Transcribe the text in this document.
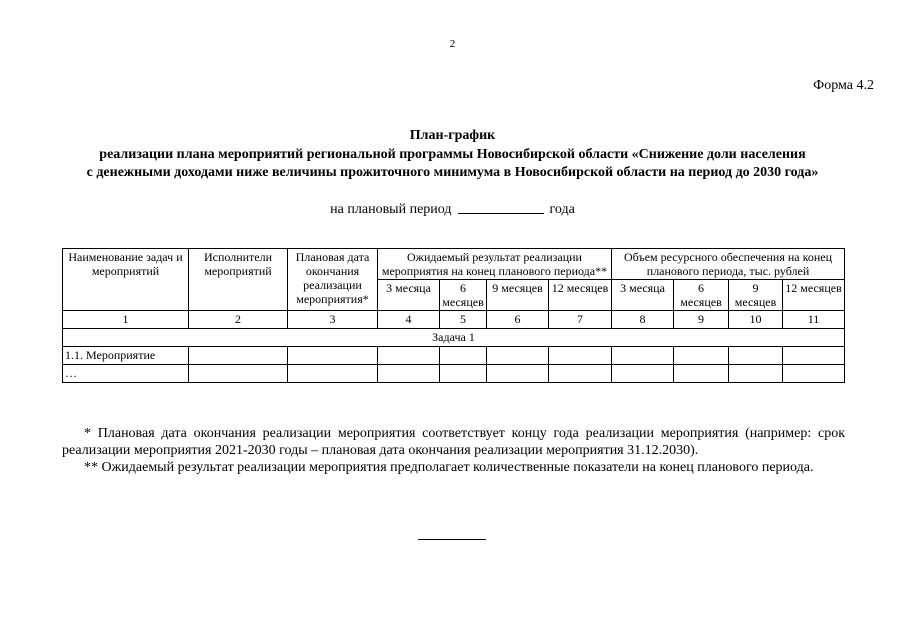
2
Форма 4.2
План-график
реализации плана мероприятий региональной программы Новосибирской области «Снижение доли населения
с денежными доходами ниже величины прожиточного минимума в Новосибирской области на период до 2030 года»
на плановый период	года
Наименование задач и мероприятий	Исполнители мероприятий	Плановая дата окончания реализации мероприятия*	Ожидаемый результат реализации мероприятия на конец планового периода**				Объем ресурсного обеспечения на конец планового периода, тыс. рублей			
			3 месяца	6 месяцев	9 месяцев	12 месяцев	3 месяца	6 месяцев	9 месяцев	12 месяцев
1	2	3	4	5	6	7	8	9	10	11
Задача 1										
1.1. Мероприятие										
…										
* Плановая дата окончания реализации мероприятия соответствует концу года реализации мероприятия (например: срок реализации мероприятия 2021-2030 годы – плановая дата окончания реализации мероприятия 31.12.2030).
** Ожидаемый результат реализации мероприятия предполагает количественные показатели на конец планового периода.
